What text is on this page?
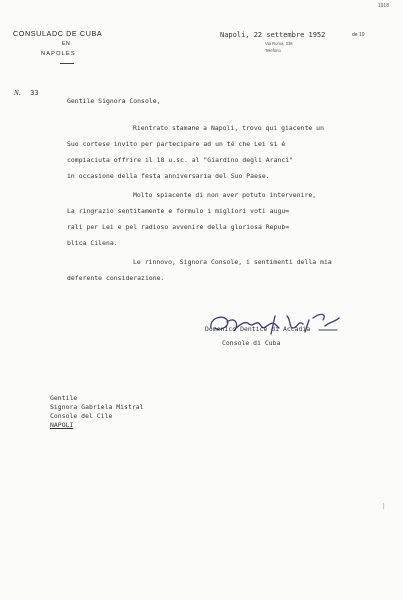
1918
CONSULADC DE CUBA
EN
NAPOLES
Napoli, 22 settembre 1952	de 19
Via Roma, 336
Telefono
N. 33
Gentile Signora Console,
Rientrato stamane a Napoli, trovo qui giacente un
Suo cortese invito per partecipare ad un té che Lei si é
compiaciuta offrire il 18 u.sc. al "Giardino degli Aranci"
in occasione della festa anniversaria del Suo Paese.
Molto spiacente di non aver potuto intervenire,
La ringrazio sentitamente e formulo i migliori voti augu=
rali per Lei e pel radioso avvenire della gloriosa Repub=
blica Cilena.
Le rinnovo, Signora Console, i sentimenti della mia
deferente considerazione.
Domenico Dentice di Accadia
Console di Cuba
Gentile
Signora Gabriela Mistral
Console del Cile
NAPOLI
|
